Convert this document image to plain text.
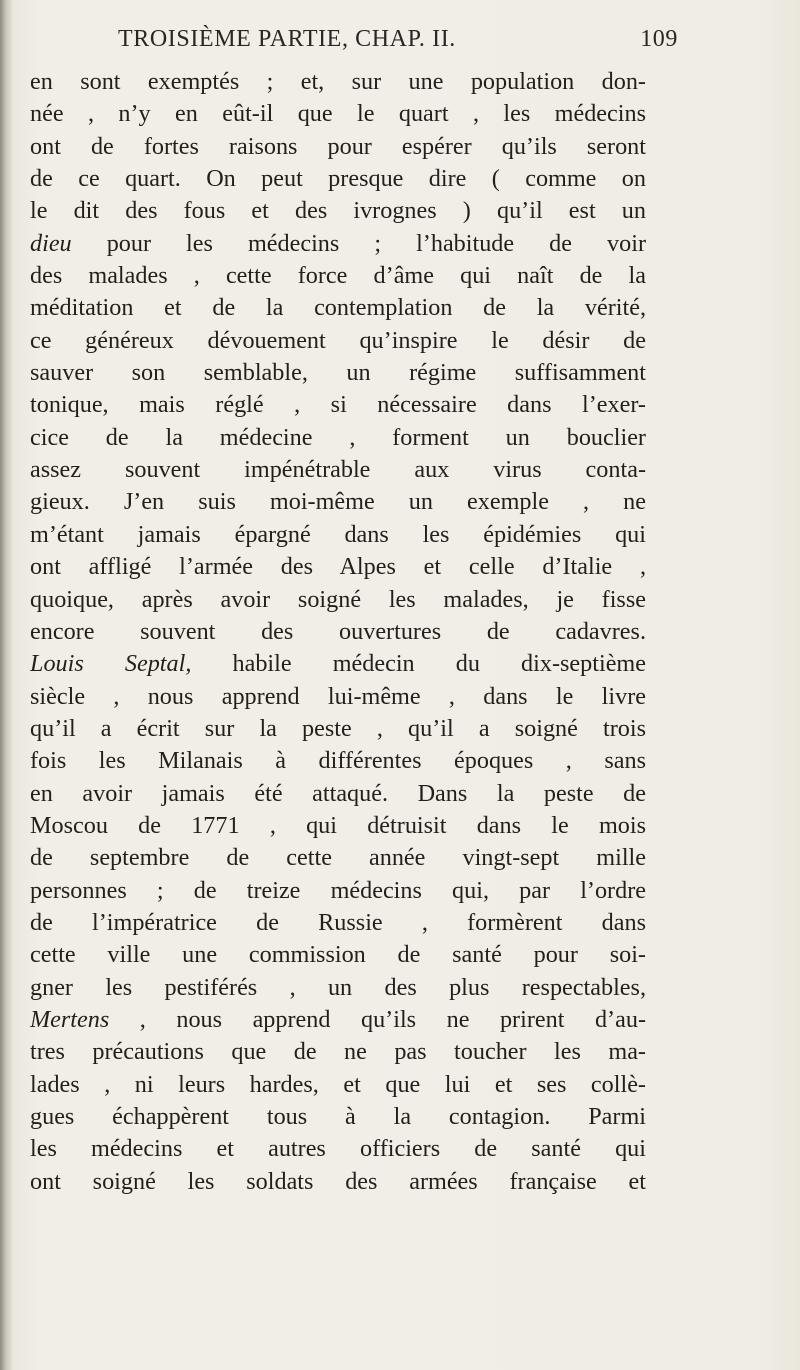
TROISIÈME PARTIE, CHAP. II.	109
en sont exemptés ; et, sur une population don-
née , n’y en eût-il que le quart , les médecins
ont de fortes raisons pour espérer qu’ils seront
de ce quart. On peut presque dire ( comme on
le dit des fous et des ivrognes ) qu’il est un
dieu pour les médecins ; l’habitude de voir
des malades , cette force d’âme qui naît de la
méditation et de la contemplation de la vérité,
ce généreux dévouement qu’inspire le désir de
sauver son semblable, un régime suffisamment
tonique, mais réglé , si nécessaire dans l’exer-
cice de la médecine , forment un bouclier
assez souvent impénétrable aux virus conta-
gieux. J’en suis moi-même un exemple , ne
m’étant jamais épargné dans les épidémies qui
ont affligé l’armée des Alpes et celle d’Italie ,
quoique, après avoir soigné les malades, je fisse
encore souvent des ouvertures de cadavres.
Louis Septal, habile médecin du dix-septième
siècle , nous apprend lui-même , dans le livre
qu’il a écrit sur la peste , qu’il a soigné trois
fois les Milanais à différentes époques , sans
en avoir jamais été attaqué. Dans la peste de
Moscou de 1771 , qui détruisit dans le mois
de septembre de cette année vingt-sept mille
personnes ; de treize médecins qui, par l’ordre
de l’impératrice de Russie , formèrent dans
cette ville une commission de santé pour soi-
gner les pestiférés , un des plus respectables,
Mertens , nous apprend qu’ils ne prirent d’au-
tres précautions que de ne pas toucher les ma-
lades , ni leurs hardes, et que lui et ses collè-
gues échappèrent tous à la contagion. Parmi
les médecins et autres officiers de santé qui
ont soigné les soldats des armées française et
